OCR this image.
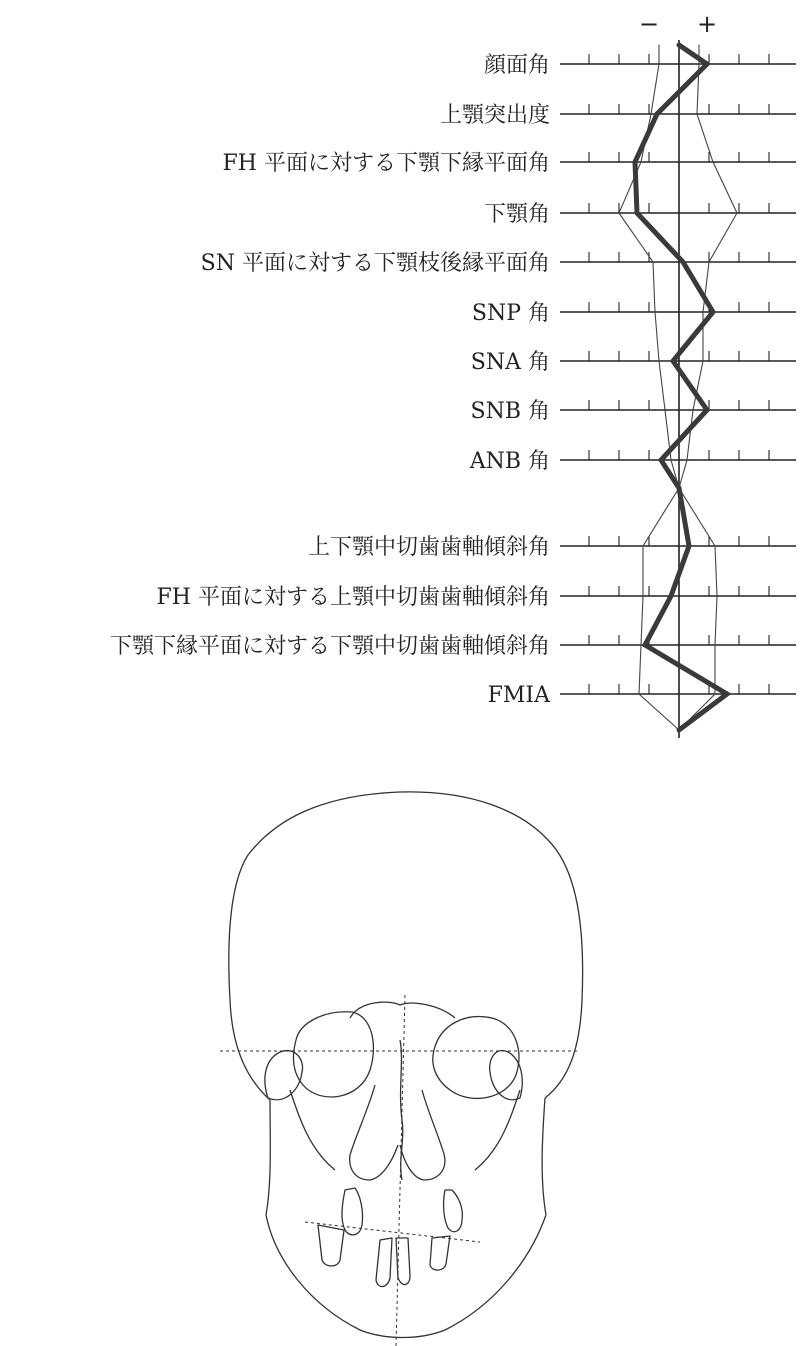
− +
顔面角
上顎突出度
FH 平面に対する下顎下縁平面角
下顎角
SN 平面に対する下顎枝後縁平面角
SNP 角
SNA 角
SNB 角
ANB 角
上下顎中切歯歯軸傾斜角
FH 平面に対する上顎中切歯歯軸傾斜角
下顎下縁平面に対する下顎中切歯歯軸傾斜角
FMIA
